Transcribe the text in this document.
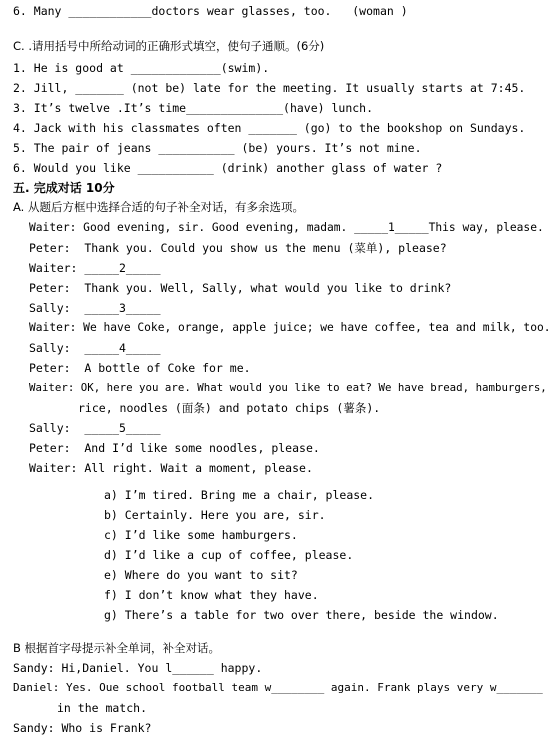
6. Many ____________doctors wear glasses, too.   (woman )
C. .请用括号中所给动词的正确形式填空，使句子通顺。(6分)
1. He is good at _____________(swim).
2. Jill, _______ (not be) late for the meeting. It usually starts at 7:45.
3. It’s twelve .It’s time______________(have) lunch.
4. Jack with his classmates often _______ (go) to the bookshop on Sundays.
5. The pair of jeans ___________ (be) yours. It’s not mine.
6. Would you like ___________ (drink) another glass of water ?
五. 完成对话 10分
A. 从题后方框中选择合适的句子补全对话，有多余选项。
Waiter: Good evening, sir. Good evening, madam. _____1_____This way, please.
Peter:  Thank you. Could you show us the menu (菜单), please?
Waiter: _____2_____
Peter:  Thank you. Well, Sally, what would you like to drink?
Sally:  _____3_____
Waiter: We have Coke, orange, apple juice; we have coffee, tea and milk, too.
Sally:  _____4_____
Peter:  A bottle of Coke for me.
Waiter: OK, here you are. What would you like to eat? We have bread, hamburgers,
rice, noodles (面条) and potato chips (薯条).
Sally:  _____5_____
Peter:  And I’d like some noodles, please.
Waiter: All right. Wait a moment, please.
a) I’m tired. Bring me a chair, please.
b) Certainly. Here you are, sir.
c) I’d like some hamburgers.
d) I’d like a cup of coffee, please.
e) Where do you want to sit?
f) I don’t know what they have.
g) There’s a table for two over there, beside the window.
B 根据首字母提示补全单词，补全对话。
Sandy: Hi,Daniel. You l______ happy.
Daniel: Yes. Oue school football team w________ again. Frank plays very w_______
in the match.
Sandy: Who is Frank?
